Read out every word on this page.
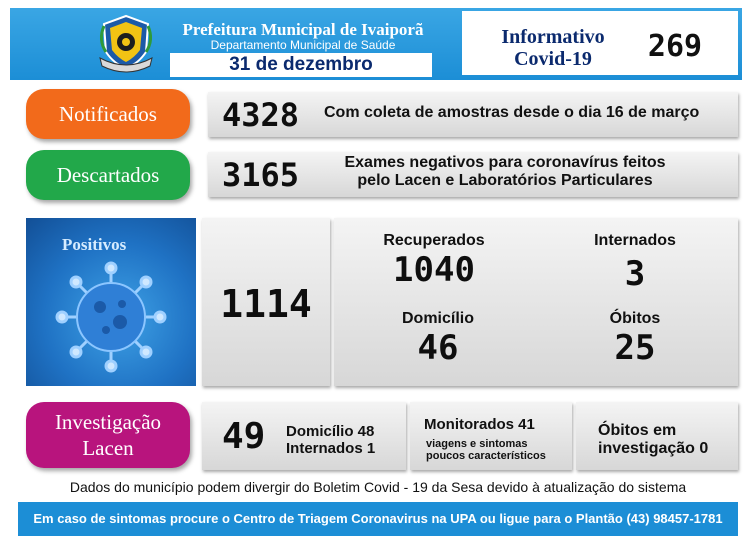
Prefeitura Municipal de Ivaiporã
Departamento Municipal de Saúde
31 de dezembro
Informativo
Covid-19	269
Notificados	4328 Com coleta de amostras desde o dia 16 de março
Descartados	3165	Exames negativos para coronavírus feitos
pelo Lacen e Laboratórios Particulares
Positivos
1114
Recuperados
1040
Internados
3
Domicílio
46
Óbitos
25
Investigação
Lacen	49 Domicílio 48
Internados 1
Monitorados 41
viagens e sintomas
poucos característicos
Óbitos em
investigação 0
Dados do município podem divergir do Boletim Covid - 19 da Sesa devido à atualização do sistema
Em caso de sintomas procure o Centro de Triagem Coronavirus na UPA ou ligue para o Plantão (43) 98457-1781
